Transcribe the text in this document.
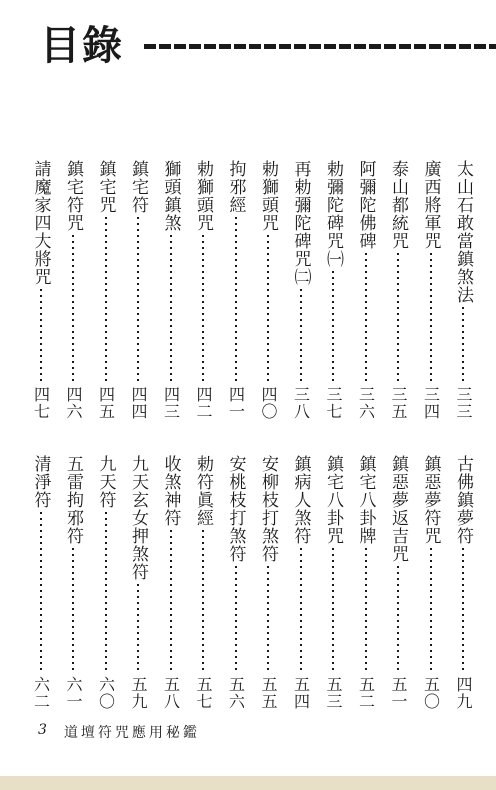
目錄
太山石敢當鎮煞法
三三
廣西將軍咒
三四
泰山都統咒
三五
阿彌陀佛碑
三六
勅彌陀碑咒㈠
三七
再勅彌陀碑咒㈡
三八
勅獅頭咒
四〇
拘邪經
四一
勅獅頭咒
四二
獅頭鎮煞
四三
鎮宅符
四四
鎮宅咒
四五
鎮宅符咒
四六
請魔家四大將咒
四七
古佛鎮夢符
四九
鎮惡夢符咒
五〇
鎮惡夢返吉咒
五一
鎮宅八卦牌
五二
鎮宅八卦咒
五三
鎮病人煞符
五四
安柳枝打煞符
五五
安桃枝打煞符
五六
勅符眞經
五七
收煞神符
五八
九天玄女押煞符
五九
九天符
六〇
五雷拘邪符
六一
清淨符
六二
3 道壇符咒應用秘鑑
